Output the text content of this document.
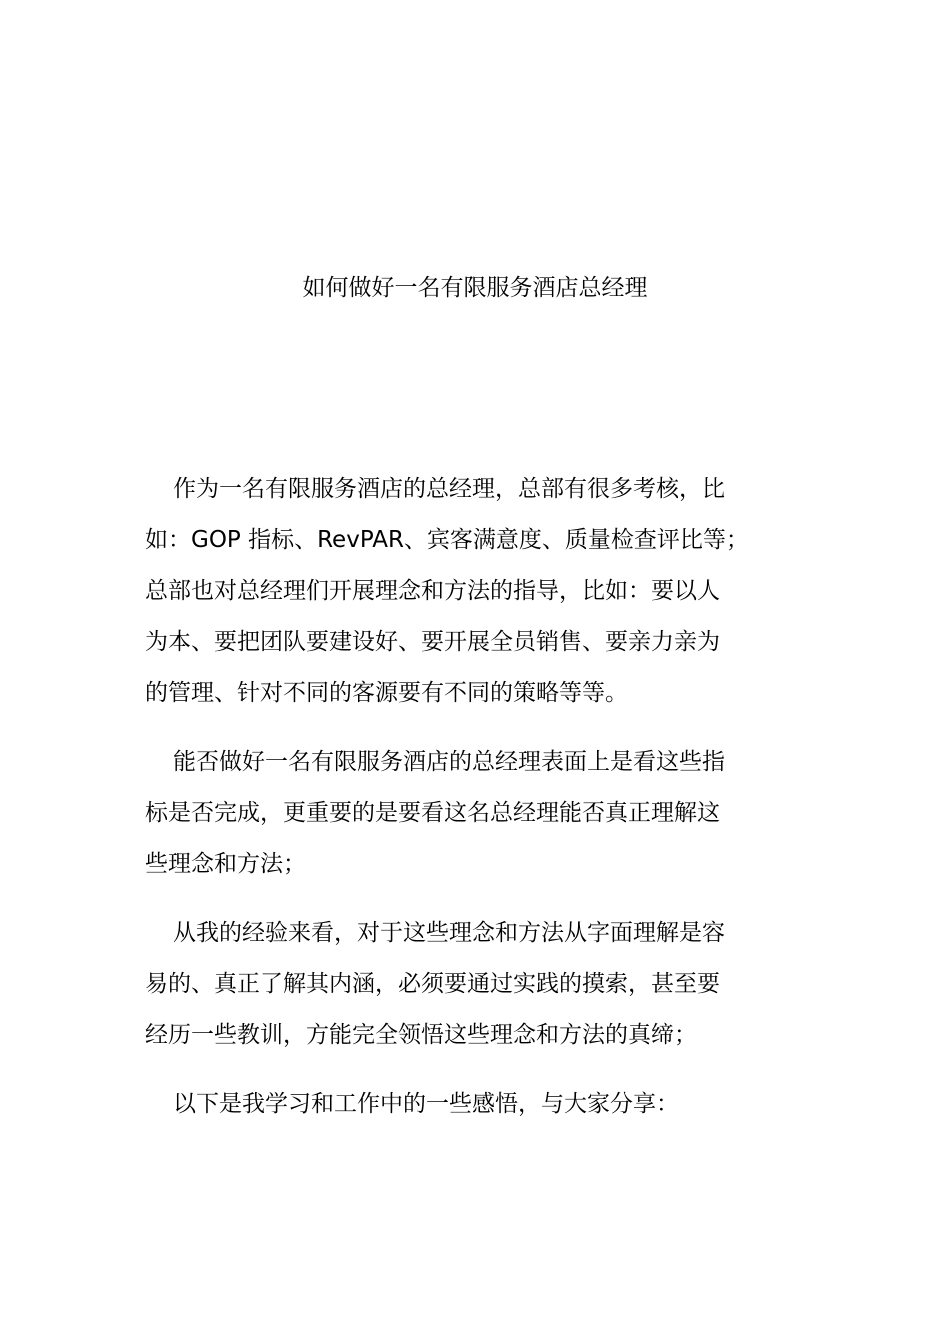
如何做好一名有限服务酒店总经理

作为一名有限服务酒店的总经理，总部有很多考核，比
如：GOP 指标、RevPAR、宾客满意度、质量检查评比等；
总部也对总经理们开展理念和方法的指导，比如：要以人
为本、要把团队要建设好、要开展全员销售、要亲力亲为
的管理、针对不同的客源要有不同的策略等等。

能否做好一名有限服务酒店的总经理表面上是看这些指
标是否完成，更重要的是要看这名总经理能否真正理解这
些理念和方法；

从我的经验来看，对于这些理念和方法从字面理解是容
易的、真正了解其内涵，必须要通过实践的摸索，甚至要
经历一些教训，方能完全领悟这些理念和方法的真缔；

以下是我学习和工作中的一些感悟，与大家分享：
